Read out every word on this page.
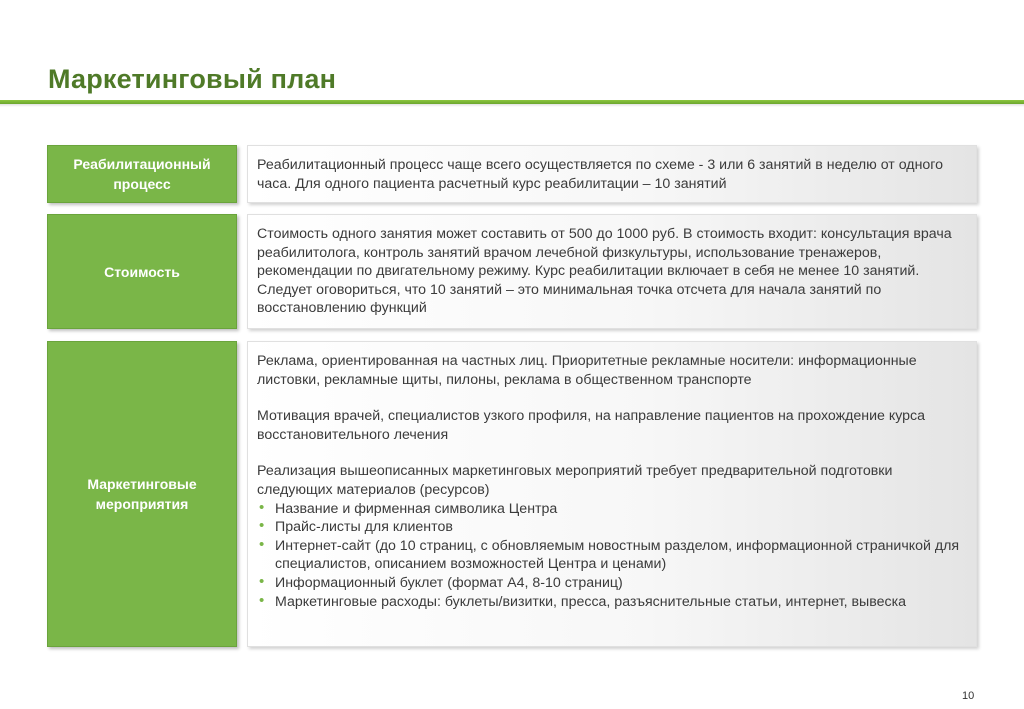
Маркетинговый план
Реабилитационный процесс
Реабилитационный процесс чаще всего осуществляется по схеме - 3 или 6 занятий в неделю от одного часа. Для одного пациента расчетный курс реабилитации – 10 занятий
Стоимость
Стоимость одного занятия может составить от 500 до 1000 руб. В стоимость входит: консультация врача реабилитолога, контроль занятий врачом лечебной физкультуры, использование тренажеров, рекомендации по двигательному режиму. Курс реабилитации включает в себя не менее 10 занятий. Следует оговориться, что 10 занятий – это минимальная точка отсчета для начала занятий по восстановлению функций
Маркетинговые мероприятия
Реклама, ориентированная на частных лиц. Приоритетные рекламные носители: информационные листовки, рекламные щиты, пилоны, реклама в общественном транспорте
Мотивация врачей, специалистов узкого профиля, на направление пациентов на прохождение курса восстановительного лечения
Реализация вышеописанных маркетинговых мероприятий требует предварительной подготовки следующих материалов (ресурсов)
• Название и фирменная символика Центра
• Прайс-листы для клиентов
• Интернет-сайт (до 10 страниц, с обновляемым новостным разделом, информационной страничкой для специалистов, описанием возможностей Центра и ценами)
• Информационный буклет (формат А4, 8-10 страниц)
• Маркетинговые расходы: буклеты/визитки, пресса, разъяснительные статьи, интернет, вывеска
10
